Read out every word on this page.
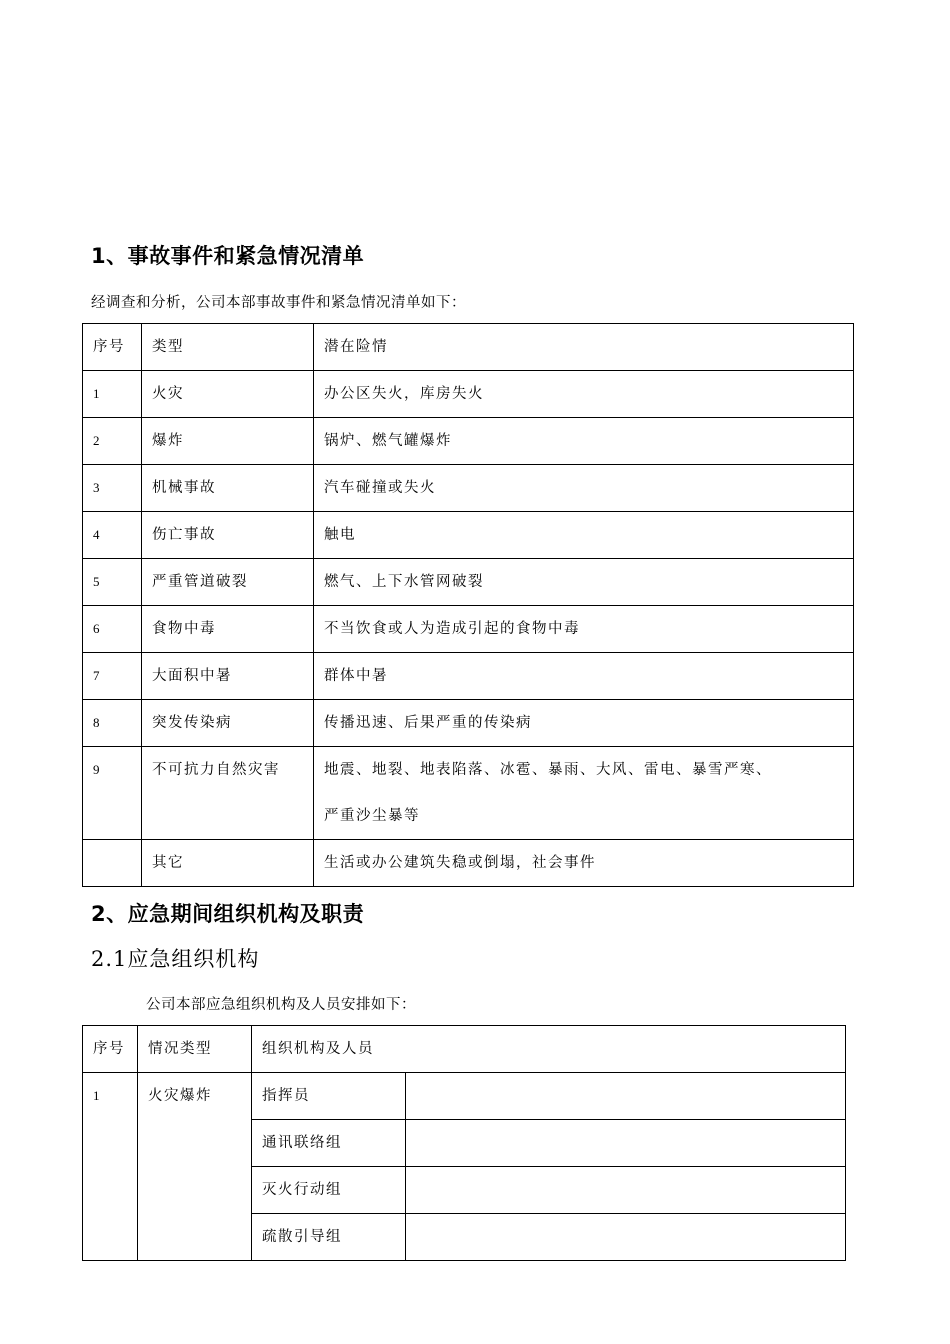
1、事故事件和紧急情况清单
经调查和分析，公司本部事故事件和紧急情况清单如下：
序号	类型	潜在险情
1	火灾	办公区失火，库房失火
2	爆炸	锅炉、燃气罐爆炸
3	机械事故	汽车碰撞或失火
4	伤亡事故	触电
5	严重管道破裂	燃气、上下水管网破裂
6	食物中毒	不当饮食或人为造成引起的食物中毒
7	大面积中暑	群体中暑
8	突发传染病	传播迅速、后果严重的传染病
9	不可抗力自然灾害	地震、地裂、地表陷落、冰雹、暴雨、大风、雷电、暴雪严寒、
严重沙尘暴等

	其它	生活或办公建筑失稳或倒塌，社会事件
2、应急期间组织机构及职责
2.1应急组织机构
公司本部应急组织机构及人员安排如下：
序号	情况类型	组织机构及人员	
1	火灾爆炸	指挥员	
		通讯联络组	
		灭火行动组	
		疏散引导组	
